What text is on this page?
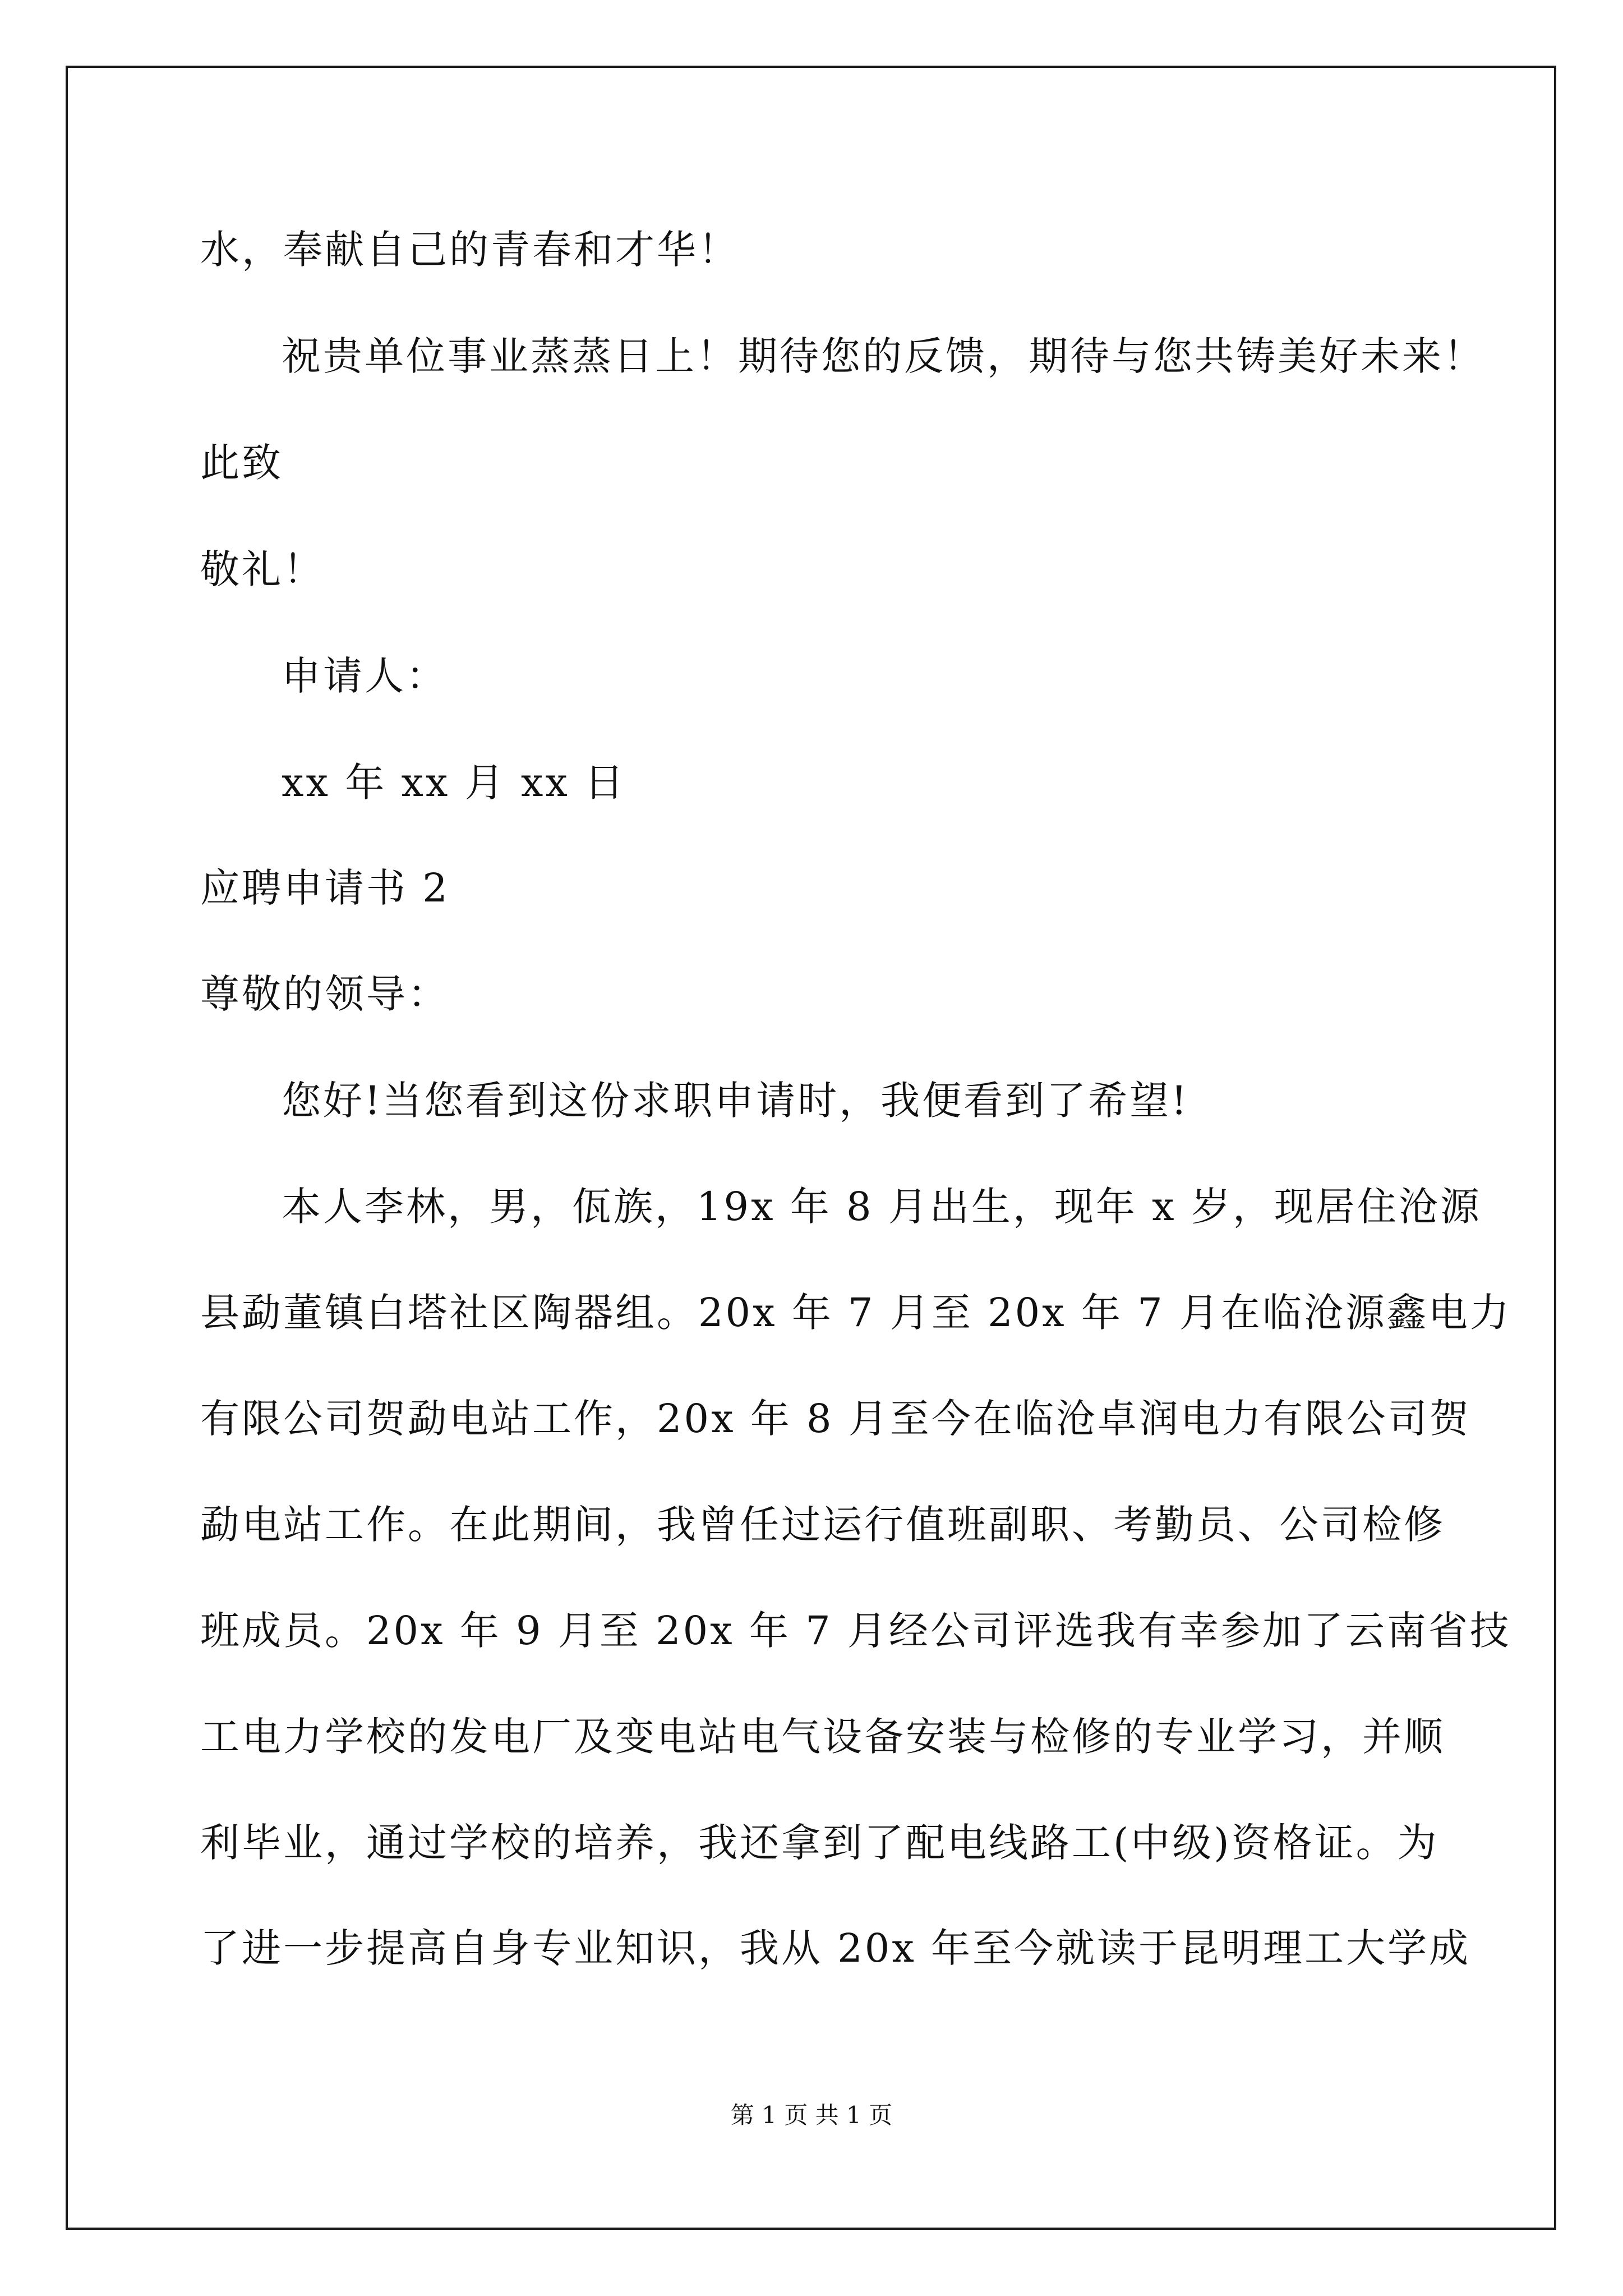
水，奉献自己的青春和才华！
祝贵单位事业蒸蒸日上！期待您的反馈，期待与您共铸美好未来！
此致
敬礼！
申请人：
xx 年 xx 月 xx 日
应聘申请书 2
尊敬的领导：
您好!当您看到这份求职申请时，我便看到了希望!
本人李林，男，佤族，19x 年 8 月出生，现年 x 岁，现居住沧源
县勐董镇白塔社区陶器组。20x 年 7 月至 20x 年 7 月在临沧源鑫电力
有限公司贺勐电站工作，20x 年 8 月至今在临沧卓润电力有限公司贺
勐电站工作。在此期间，我曾任过运行值班副职、考勤员、公司检修
班成员。20x 年 9 月至 20x 年 7 月经公司评选我有幸参加了云南省技
工电力学校的发电厂及变电站电气设备安装与检修的专业学习，并顺
利毕业，通过学校的培养，我还拿到了配电线路工(中级)资格证。为
了进一步提高自身专业知识，我从 20x 年至今就读于昆明理工大学成
第 1 页 共 1 页
